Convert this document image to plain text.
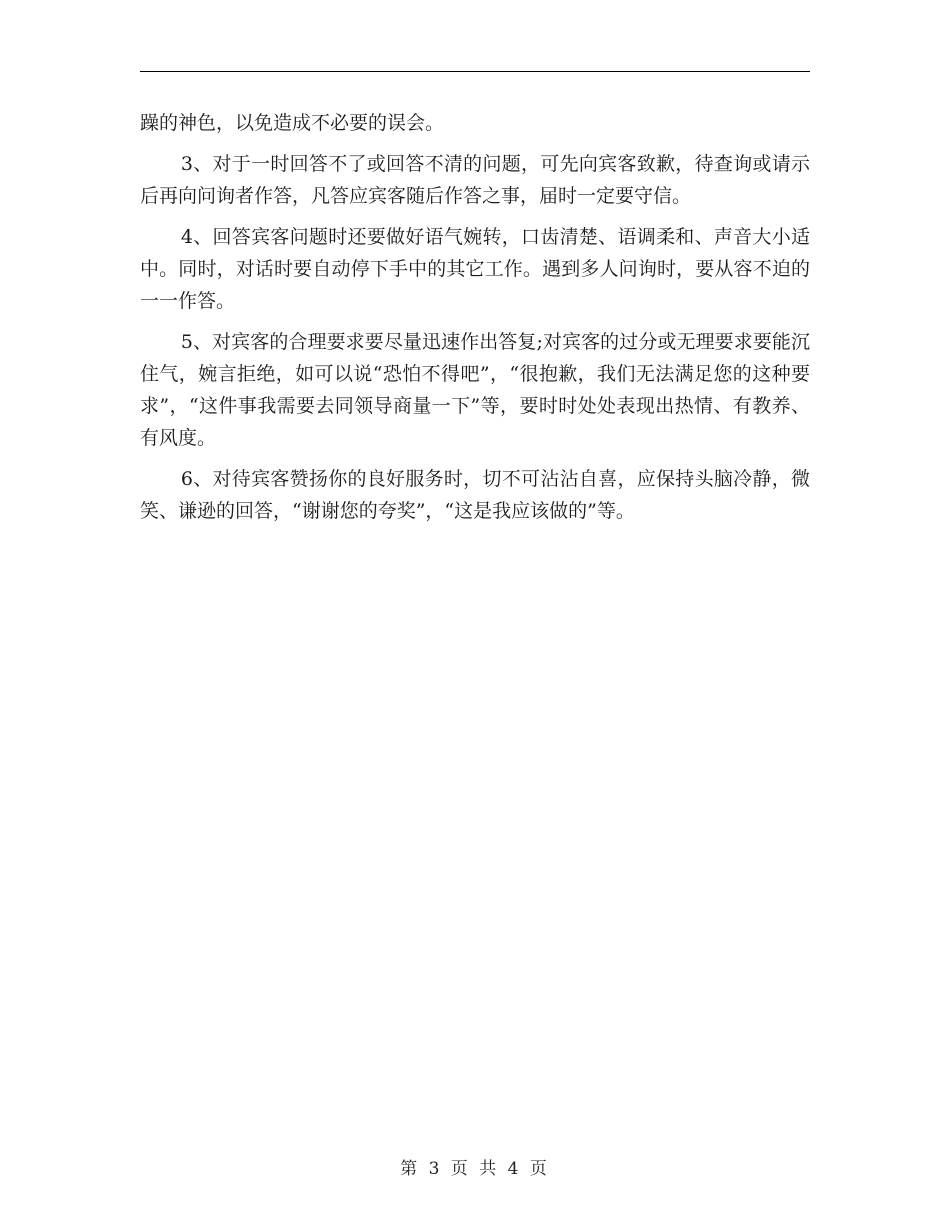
躁的神色，以免造成不必要的误会。

3、对于一时回答不了或回答不清的问题，可先向宾客致歉，待查询或请示后再向问询者作答，凡答应宾客随后作答之事，届时一定要守信。

4、回答宾客问题时还要做好语气婉转，口齿清楚、语调柔和、声音大小适中。同时，对话时要自动停下手中的其它工作。遇到多人问询时，要从容不迫的一一作答。

5、对宾客的合理要求要尽量迅速作出答复;对宾客的过分或无理要求要能沉住气，婉言拒绝，如可以说“恐怕不得吧”，“很抱歉，我们无法满足您的这种要求”，“这件事我需要去同领导商量一下”等，要时时处处表现出热情、有教养、有风度。

6、对待宾客赞扬你的良好服务时，切不可沾沾自喜，应保持头脑冷静，微笑、谦逊的回答，“谢谢您的夸奖”，“这是我应该做的”等。

第 3 页 共 4 页
